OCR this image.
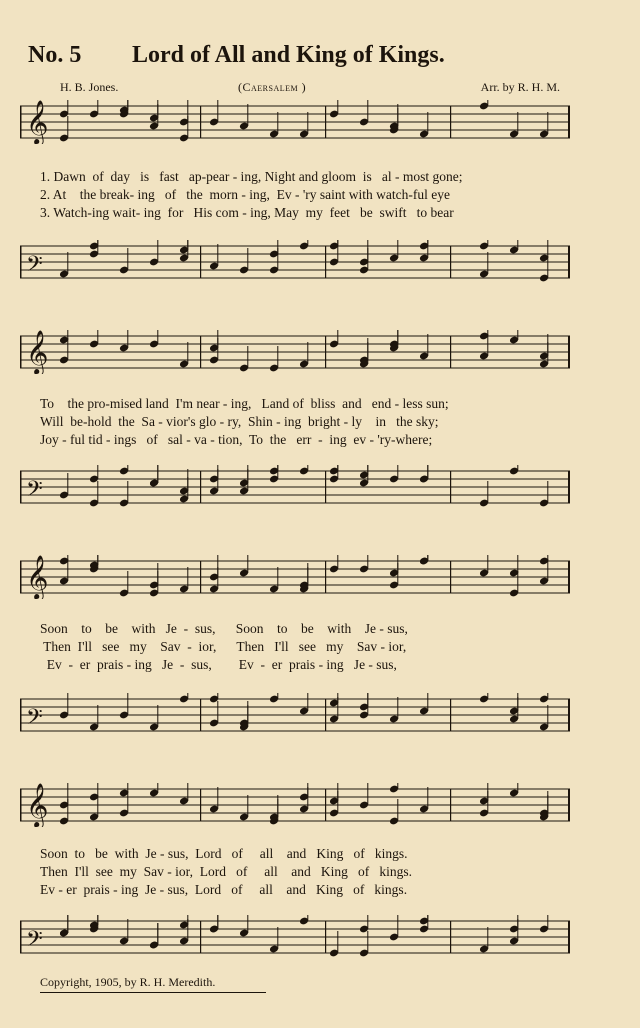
No. 5 Lord of All and King of Kings.
H. B. Jones.	(Caersalem )	Arr. by R. H. M.
𝄞
1. Dawn  of  day   is   fast   ap-pear - ing, Night and gloom  is   al - most gone;
2. At    the break- ing   of   the  morn - ing,  Ev - 'ry saint with watch-ful eye
3. Watch-ing wait- ing  for   His com - ing, May  my  feet   be  swift   to bear
𝄢
𝄞
To    the pro-mised land  I'm near - ing,   Land of  bliss  and   end - less sun;
Will  be-hold  the  Sa - vior's glo - ry,  Shin - ing  bright - ly    in   the sky;
Joy - ful tid - ings   of   sal - va - tion,  To  the   err  -  ing  ev - 'ry-where;
𝄢
𝄞
Soon    to    be    with   Je  -  sus,      Soon    to    be    with    Je - sus,
Then  I'll   see   my    Sav  -  ior,      Then   I'll   see   my    Sav - ior,
Ev  -  er  prais - ing   Je  -  sus,        Ev  -  er  prais - ing   Je - sus,
𝄢
𝄞
Soon  to   be  with  Je - sus,  Lord   of     all    and   King   of   kings.
Then  I'll  see  my  Sav - ior,  Lord   of     all    and   King   of   kings.
Ev - er  prais - ing  Je - sus,  Lord   of     all    and   King   of   kings.
𝄢
Copyright, 1905, by R. H. Meredith.
